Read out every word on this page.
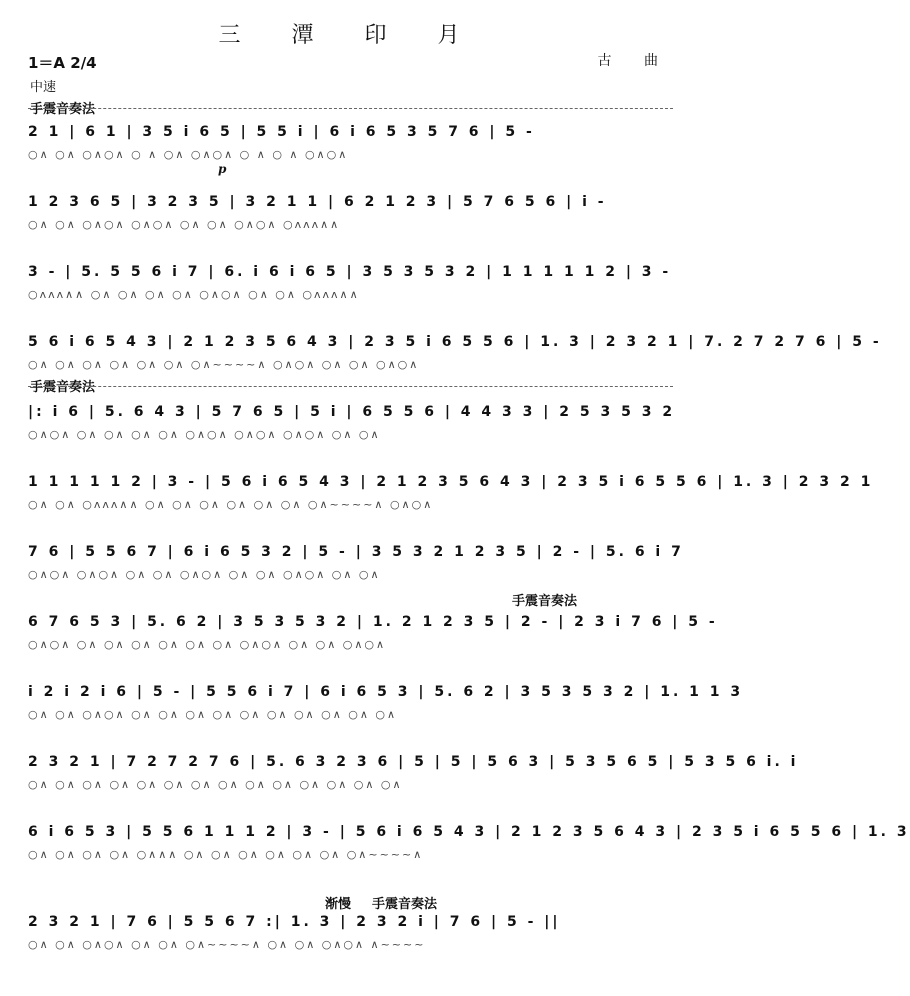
三 潭 印 月
1＝A 2/4	古 曲
中速
手震音奏法
p
手震音奏法
手震音奏法
渐慢 手震音奏法
2 1 | 6 1 | 3 5 i 6 5 | 5 5 i | 6 i 6 5 3 5 7 6 | 5 -
○∧ ○∧ ○∧○∧ ○ ∧ ○∧ ○∧○∧ ○ ∧ ○ ∧ ○∧○∧
1 2 3 6 5 | 3 2 3 5 | 3 2 1 1 | 6 2 1 2 3 | 5 7 6 5 6 | i -
○∧ ○∧ ○∧○∧ ○∧○∧ ○∧ ○∧ ○∧○∧ ○ʌʌʌ∧∧
3 - | 5. 5 5 6 i 7 | 6. i 6 i 6 5 | 3 5 3 5 3 2 | 1 1 1 1 1 2 | 3 -
○ʌʌʌ∧∧ ○∧ ○∧ ○∧ ○∧ ○∧○∧ ○∧ ○∧ ○ʌʌʌ∧∧
5 6 i 6 5 4 3 | 2 1 2 3 5 6 4 3 | 2 3 5 i 6 5 5 6 | 1. 3 | 2 3 2 1 | 7. 2 7 2 7 6 | 5 -
○∧ ○∧ ○∧ ○∧ ○∧ ○∧ ○∧~~~~∧ ○∧○∧ ○∧ ○∧ ○∧○∧
|: i 6 | 5. 6 4 3 | 5 7 6 5 | 5 i | 6 5 5 6 | 4 4 3 3 | 2 5 3 5 3 2
○∧○∧ ○∧ ○∧ ○∧ ○∧ ○∧○∧ ○∧○∧ ○∧○∧ ○∧ ○∧
1 1 1 1 1 2 | 3 - | 5 6 i 6 5 4 3 | 2 1 2 3 5 6 4 3 | 2 3 5 i 6 5 5 6 | 1. 3 | 2 3 2 1
○∧ ○∧ ○ʌʌʌ∧∧ ○∧ ○∧ ○∧ ○∧ ○∧ ○∧ ○∧~~~~∧ ○∧○∧
7 6 | 5 5 6 7 | 6 i 6 5 3 2 | 5 - | 3 5 3 2 1 2 3 5 | 2 - | 5. 6 i 7
○∧○∧ ○∧○∧ ○∧ ○∧ ○∧○∧ ○∧ ○∧ ○∧○∧ ○∧ ○∧
6 7 6 5 3 | 5. 6 2 | 3 5 3 5 3 2 | 1. 2 1 2 3 5 | 2 - | 2 3 i 7 6 | 5 -
○∧○∧ ○∧ ○∧ ○∧ ○∧ ○∧ ○∧ ○∧○∧ ○∧ ○∧ ○∧○∧
i 2 i 2 i 6 | 5 - | 5 5 6 i 7 | 6 i 6 5 3 | 5. 6 2 | 3 5 3 5 3 2 | 1. 1 1 3
○∧ ○∧ ○∧○∧ ○∧ ○∧ ○∧ ○∧ ○∧ ○∧ ○∧ ○∧ ○∧ ○∧
2 3 2 1 | 7 2 7 2 7 6 | 5. 6 3 2 3 6 | 5 | 5 | 5 6 3 | 5 3 5 6 5 | 5 3 5 6 i. i
○∧ ○∧ ○∧ ○∧ ○∧ ○∧ ○∧ ○∧ ○∧ ○∧ ○∧ ○∧ ○∧ ○∧
6 i 6 5 3 | 5 5 6 1 1 1 2 | 3 - | 5 6 i 6 5 4 3 | 2 1 2 3 5 6 4 3 | 2 3 5 i 6 5 5 6 | 1. 3
○∧ ○∧ ○∧ ○∧ ○∧∧∧ ○∧ ○∧ ○∧ ○∧ ○∧ ○∧ ○∧~~~~∧
2 3 2 1 | 7 6 | 5 5 6 7 :| 1. 3 | 2 3 2 i | 7 6 | 5 - ||
○∧ ○∧ ○∧○∧ ○∧ ○∧ ○∧~~~~∧ ○∧ ○∧ ○∧○∧ ∧~~~~
